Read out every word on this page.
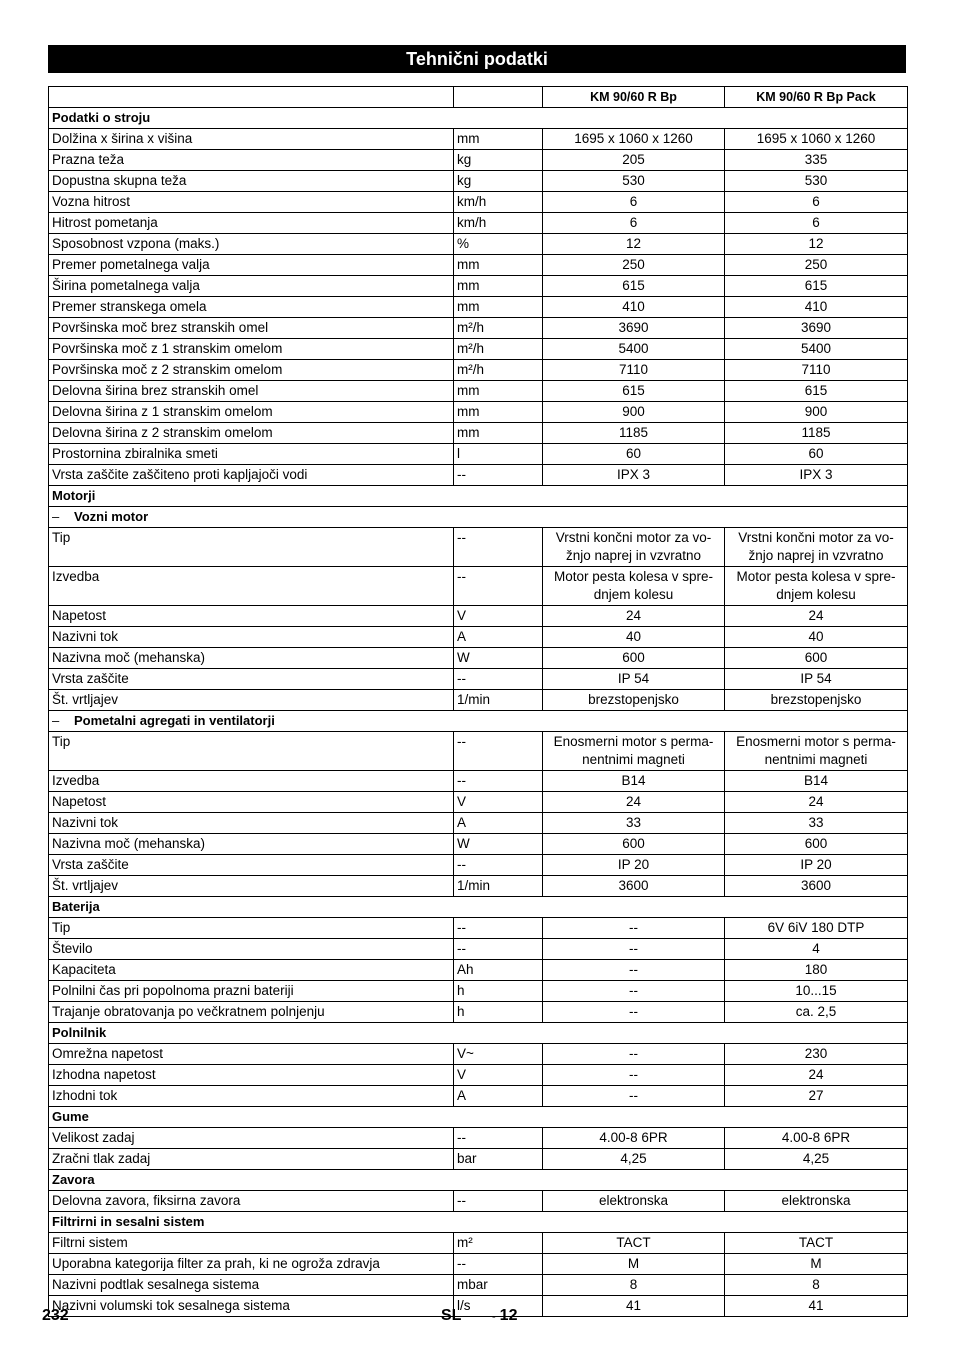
Tehnični podatki
		KM 90/60 R Bp	KM 90/60 R Bp Pack
Podatki o stroju			
Dolžina x širina x višina	mm	1695 x 1060 x 1260	1695 x 1060 x 1260
Prazna teža	kg	205	335
Dopustna skupna teža	kg	530	530
Vozna hitrost	km/h	6	6
Hitrost pometanja	km/h	6	6
Sposobnost vzpona (maks.)	%	12	12
Premer pometalnega valja	mm	250	250
Širina pometalnega valja	mm	615	615
Premer stranskega omela	mm	410	410
Površinska moč brez stranskih omel	m²/h	3690	3690
Površinska moč z 1 stranskim omelom	m²/h	5400	5400
Površinska moč z 2 stranskim omelom	m²/h	7110	7110
Delovna širina brez stranskih omel	mm	615	615
Delovna širina z 1 stranskim omelom	mm	900	900
Delovna širina z 2 stranskim omelom	mm	1185	1185
Prostornina zbiralnika smeti	l	60	60
Vrsta zaščite zaščiteno proti kapljajoči vodi	--	IPX 3	IPX 3
Motorji			
– Vozni motor			
Tip	--	Vrstni končni motor za vo-žnjo naprej in vzvratno	Vrstni končni motor za vo-žnjo naprej in vzvratno
Izvedba	--	Motor pesta kolesa v spre-dnjem kolesu	Motor pesta kolesa v spre-dnjem kolesu
Napetost	V	24	24
Nazivni tok	A	40	40
Nazivna moč (mehanska)	W	600	600
Vrsta zaščite	--	IP 54	IP 54
Št. vrtljajev	1/min	brezstopenjsko	brezstopenjsko
– Pometalni agregati in ventilatorji			
Tip	--	Enosmerni motor s perma-nentnimi magneti	Enosmerni motor s perma-nentnimi magneti
Izvedba	--	B14	B14
Napetost	V	24	24
Nazivni tok	A	33	33
Nazivna moč (mehanska)	W	600	600
Vrsta zaščite	--	IP 20	IP 20
Št. vrtljajev	1/min	3600	3600
Baterija			
Tip	--	--	6V 6iV 180 DTP
Število	--	--	4
Kapaciteta	Ah	--	180
Polnilni čas pri popolnoma prazni bateriji	h	--	10...15
Trajanje obratovanja po večkratnem polnjenju	h	--	ca. 2,5
Polnilnik			
Omrežna napetost	V~	--	230
Izhodna napetost	V	--	24
Izhodni tok	A	--	27
Gume			
Velikost zadaj	--	4.00-8 6PR	4.00-8 6PR
Zračni tlak zadaj	bar	4,25	4,25
Zavora			
Delovna zavora, fiksirna zavora	--	elektronska	elektronska
Filtrirni in sesalni sistem			
Filtrni sistem	m²	TACT	TACT
Uporabna kategorija filter za prah, ki ne ogroža zdravja	--	M	M
Nazivni podtlak sesalnega sistema	mbar	8	8
Nazivni volumski tok sesalnega sistema	l/s	41	41
232	SL	- 12
